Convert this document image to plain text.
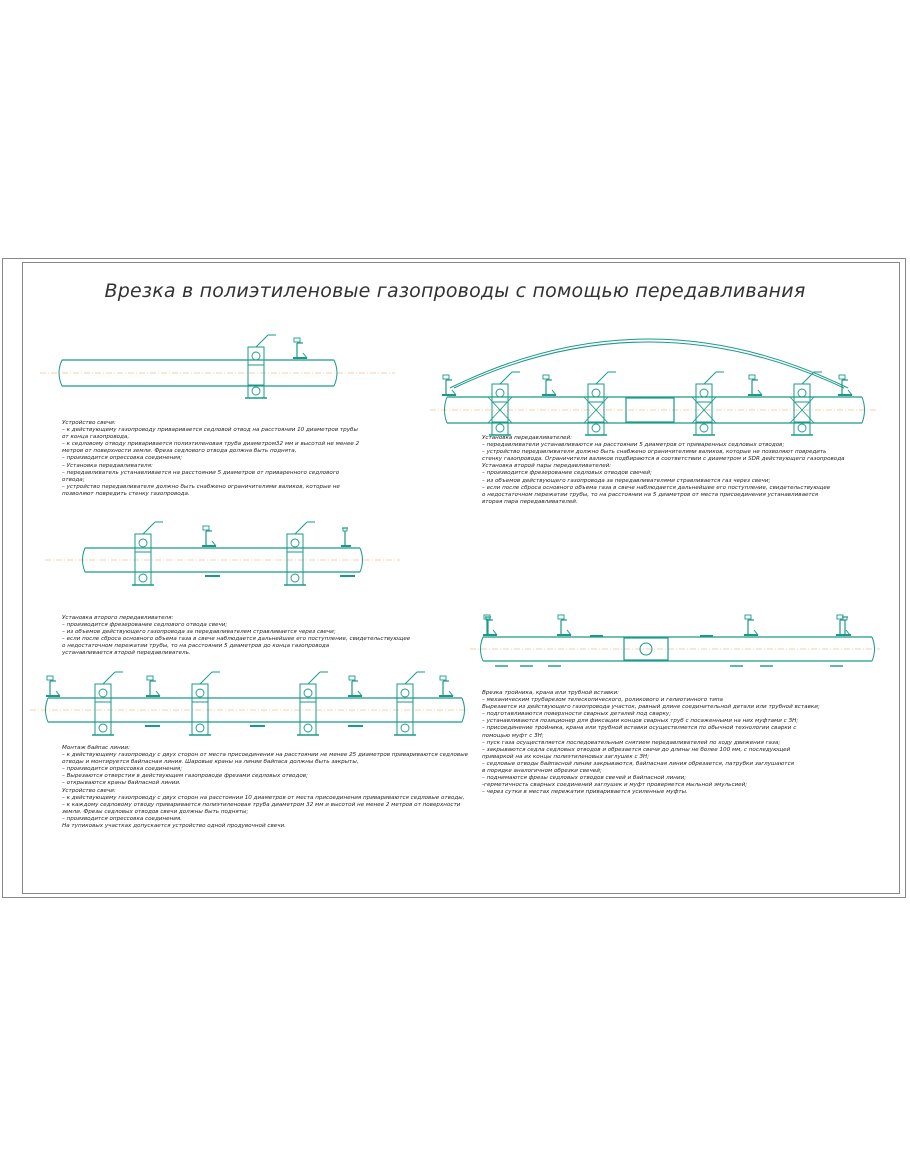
Врезка в полиэтиленовые газопроводы с помощью передавливания
Устройство свечи:
– к действующему газопроводу приваривается седловой отвод на расстоянии 10 диаметров трубы
от конца газопровода,
– к седловому отводу приваривается полиэтиленовая труба диаметром32 мм и высотой не менее 2
метров от поверхности земли. Фреза седлового отвода должна быть поднята,
– производится опрессовка соединения;
– Установка передавливателя:
– передавливатель устанавливается на расстоянии 5 диаметров от приваренного седлового
отвода;
– устройство передавливателя должно быть снабжено ограничителями валиков, которые не
позволяют повредить стенку газопровода.
Установка передавливателей:
– передавливатели устанавливаются на расстоянии 5 диаметров от приваренных седловых отводов;
– устройство передавливателя должно быть снабжено ограничителями валиков, которые не позволяют повредить
стенку газопровода. Ограничители валиков подбираются в соответствии с диаметром и SDR действующего газопровода
Установка второй пары передавливателей:
– производится фрезерование седловых отводов свечей;
– из объемов действующего газопровода за передавливателями стравливается газ через свечи;
– если после сброса основного объема газа в свече наблюдается дальнейшее его поступление, свидетельствующее
о недостаточном пережатии трубы, то на расстоянии на 5 диаметров от места присоединения устанавливается
вторая пара передавливателей.
Установка второго передавливателя:
– производится фрезерование седлового отвода свечи;
– из объемов действующего газопровода за передавливателем стравливается через свечи;
– если после сброса основного объема газа в свече наблюдается дальнейшее его поступление, свидетельствующее
о недостаточном пережатии трубы, то на расстоянии 5 диаметров до конца газопровода
устанавливается второй передавливатель.
Врезка тройника, крана или трубной вставки:
– механическим трубарезом телескопического, роликового и гелиотинного типа
Вырезается из действующего газопровода участок, равный длине соединительной детали или трубной вставки;
– подготавливаются поверхности сварных деталей под сварку;
– устанавливаются позиционер для фиксации концов сварных труб с посаженными на них муфтами с ЗН;
– присоединение тройника, крана или трубной вставки осуществляется по обычной технологии сварки с
помощью муфт с ЗН;
– пуск газа осуществляется последовательным снятием передавливателей по ходу движения газа;
– закрываются седла седловых отводов и обрезается свечи до длины не более 100 мм, с последующей
приваркой на их концы полиэтиленовых заглушек с ЗН;
– седловые отводы байпасной линии закрываются, байпасная линия обрезается, патрубки заглушаются
в порядке аналогичном обрезки свечей;
– поднимаются фрезы седловых отводов свечей и байпасной линии;
-герметичность сварных соединений заглушек и муфт проверяется мыльной эмульсией;
– через сутки в местах пережатия приваривается усиленные муфты.
Монтаж байпас линии:
– к действующему газопроводу с двух сторон от места присоединения на расстоянии не менее 25 диаметров привариваются седловые
отводы и монтируется байпасная линия. Шаровые краны на линии байпаса должны быть закрыты,
– производится опрессовка соединения;
– Вырезаются отверстия в действующем газопроводе фрезами седловых отводов;
– открываются краны байпасной линии.
Устройство свечи:
– к действующему газопроводу с двух сторон на расстоянии 10 диаметров от места присоединения привариваются седловые отводы,
– к каждому седловому отводу приваривается полиэтиленовая труба диаметром 32 мм и высотой не менее 2 метров от поверхности
земли. Фрезы седловых отводов свечи должны быть подняты;
– производится опрессовка соединения.
На тупиковых участках допускается устройство одной продувочной свечи.
